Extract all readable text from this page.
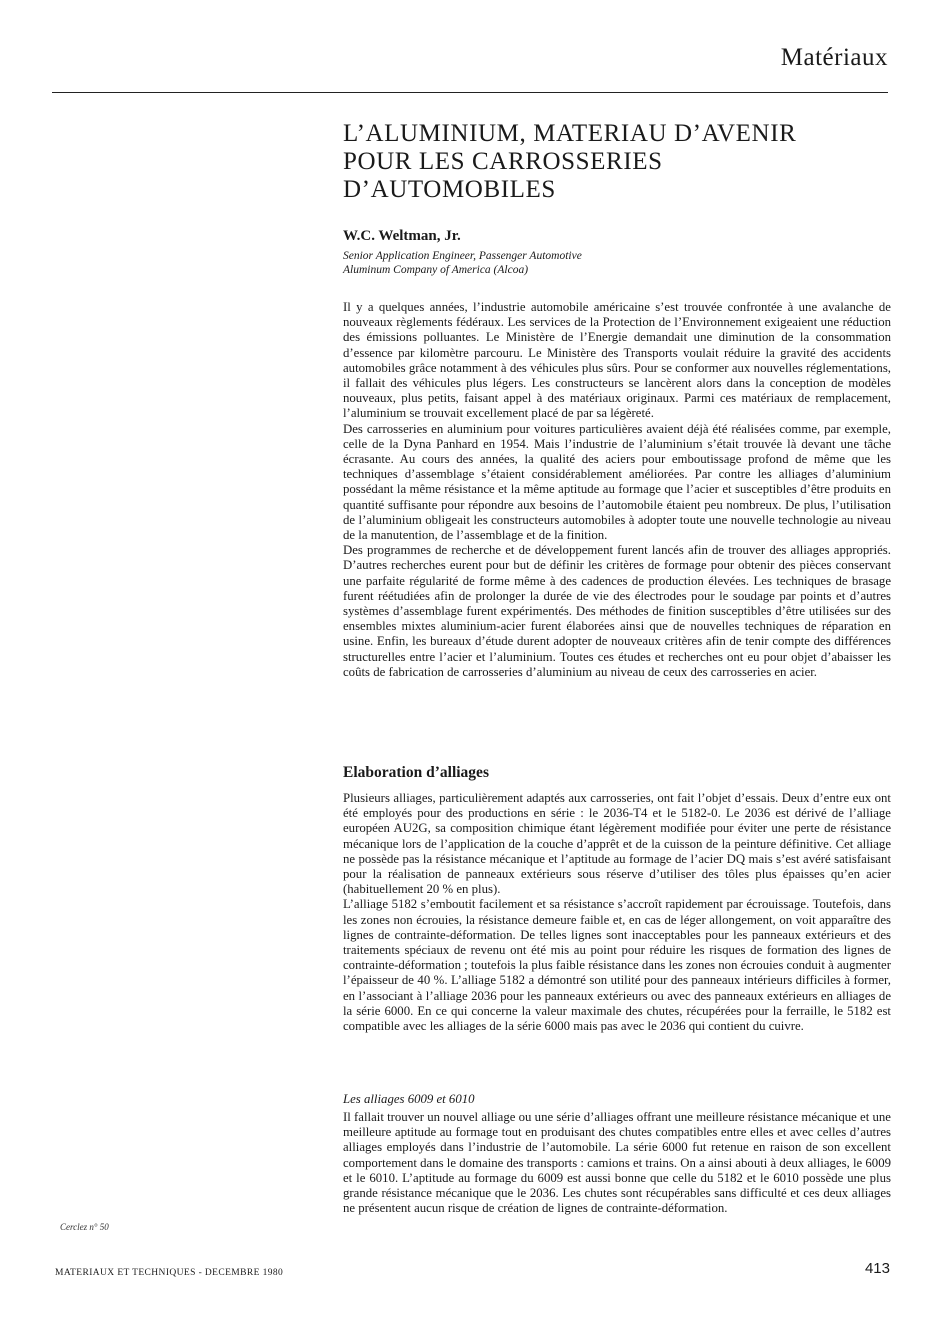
Matériaux
L’ALUMINIUM, MATERIAU D’AVENIR
POUR LES CARROSSERIES
D’AUTOMOBILES
W.C. Weltman, Jr.
Senior Application Engineer, Passenger Automotive
Aluminum Company of America (Alcoa)

Il y a quelques années, l’industrie automobile américaine s’est trouvée confrontée à une avalanche de nouveaux règlements fédéraux. Les services de la Protection de l’Environnement exigeaient une réduction des émissions polluantes. Le Ministère de l’Energie demandait une diminution de la consommation d’essence par kilomètre parcouru. Le Ministère des Transports voulait réduire la gravité des accidents automobiles grâce notamment à des véhicules plus sûrs. Pour se conformer aux nouvelles réglementations, il fallait des véhicules plus légers. Les constructeurs se lancèrent alors dans la conception de modèles nouveaux, plus petits, faisant appel à des matériaux originaux. Parmi ces matériaux de remplacement, l’aluminium se trouvait excellement placé de par sa légèreté.

Des carrosseries en aluminium pour voitures particulières avaient déjà été réalisées comme, par exemple, celle de la Dyna Panhard en 1954. Mais l’industrie de l’aluminium s’était trouvée là devant une tâche écrasante. Au cours des années, la qualité des aciers pour emboutissage profond de même que les techniques d’assemblage s’étaient considérablement améliorées. Par contre les alliages d’aluminium possédant la même résistance et la même aptitude au formage que l’acier et susceptibles d’être produits en quantité suffisante pour répondre aux besoins de l’automobile étaient peu nombreux. De plus, l’utilisation de l’aluminium obligeait les constructeurs automobiles à adopter toute une nouvelle technologie au niveau de la manutention, de l’assemblage et de la finition.

Des programmes de recherche et de développement furent lancés afin de trouver des alliages appropriés. D’autres recherches eurent pour but de définir les critères de formage pour obtenir des pièces conservant une parfaite régularité de forme même à des cadences de production élevées. Les techniques de brasage furent réétudiées afin de prolonger la durée de vie des électrodes pour le soudage par points et d’autres systèmes d’assemblage furent expérimentés. Des méthodes de finition susceptibles d’être utilisées sur des ensembles mixtes aluminium-acier furent élaborées ainsi que de nouvelles techniques de réparation en usine. Enfin, les bureaux d’étude durent adopter de nouveaux critères afin de tenir compte des différences structurelles entre l’acier et l’aluminium. Toutes ces études et recherches ont eu pour objet d’abaisser les coûts de fabrication de carrosseries d’aluminium au niveau de ceux des carrosseries en acier.

Elaboration d’alliages

Plusieurs alliages, particulièrement adaptés aux carrosseries, ont fait l’objet d’essais. Deux d’entre eux ont été employés pour des productions en série : le 2036-T4 et le 5182-0. Le 2036 est dérivé de l’alliage européen AU2G, sa composition chimique étant légèrement modifiée pour éviter une perte de résistance mécanique lors de l’application de la couche d’apprêt et de la cuisson de la peinture définitive. Cet alliage ne possède pas la résistance mécanique et l’aptitude au formage de l’acier DQ mais s’est avéré satisfaisant pour la réalisation de panneaux extérieurs sous réserve d’utiliser des tôles plus épaisses qu’en acier (habituellement 20 % en plus).

L’alliage 5182 s’emboutit facilement et sa résistance s’accroît rapidement par écrouissage. Toutefois, dans les zones non écrouies, la résistance demeure faible et, en cas de léger allongement, on voit apparaître des lignes de contrainte-déformation. De telles lignes sont inacceptables pour les panneaux extérieurs et des traitements spéciaux de revenu ont été mis au point pour réduire les risques de formation des lignes de contrainte-déformation ; toutefois la plus faible résistance dans les zones non écrouies conduit à augmenter l’épaisseur de 40 %. L’alliage 5182 a démontré son utilité pour des panneaux intérieurs difficiles à former, en l’associant à l’alliage 2036 pour les panneaux extérieurs ou avec des panneaux extérieurs en alliages de la série 6000. En ce qui concerne la valeur maximale des chutes, récupérées pour la ferraille, le 5182 est compatible avec les alliages de la série 6000 mais pas avec le 2036 qui contient du cuivre.

Les alliages 6009 et 6010

Il fallait trouver un nouvel alliage ou une série d’alliages offrant une meilleure résistance mécanique et une meilleure aptitude au formage tout en produisant des chutes compatibles entre elles et avec celles d’autres alliages employés dans l’industrie de l’automobile. La série 6000 fut retenue en raison de son excellent comportement dans le domaine des transports : camions et trains. On a ainsi abouti à deux alliages, le 6009 et le 6010. L’aptitude au formage du 6009 est aussi bonne que celle du 5182 et le 6010 possède une plus grande résistance mécanique que le 2036. Les chutes sont récupérables sans difficulté et ces deux alliages ne présentent aucun risque de création de lignes de contrainte-déformation.

Cerclez n° 50
MATERIAUX ET TECHNIQUES - DECEMBRE 1980	413
